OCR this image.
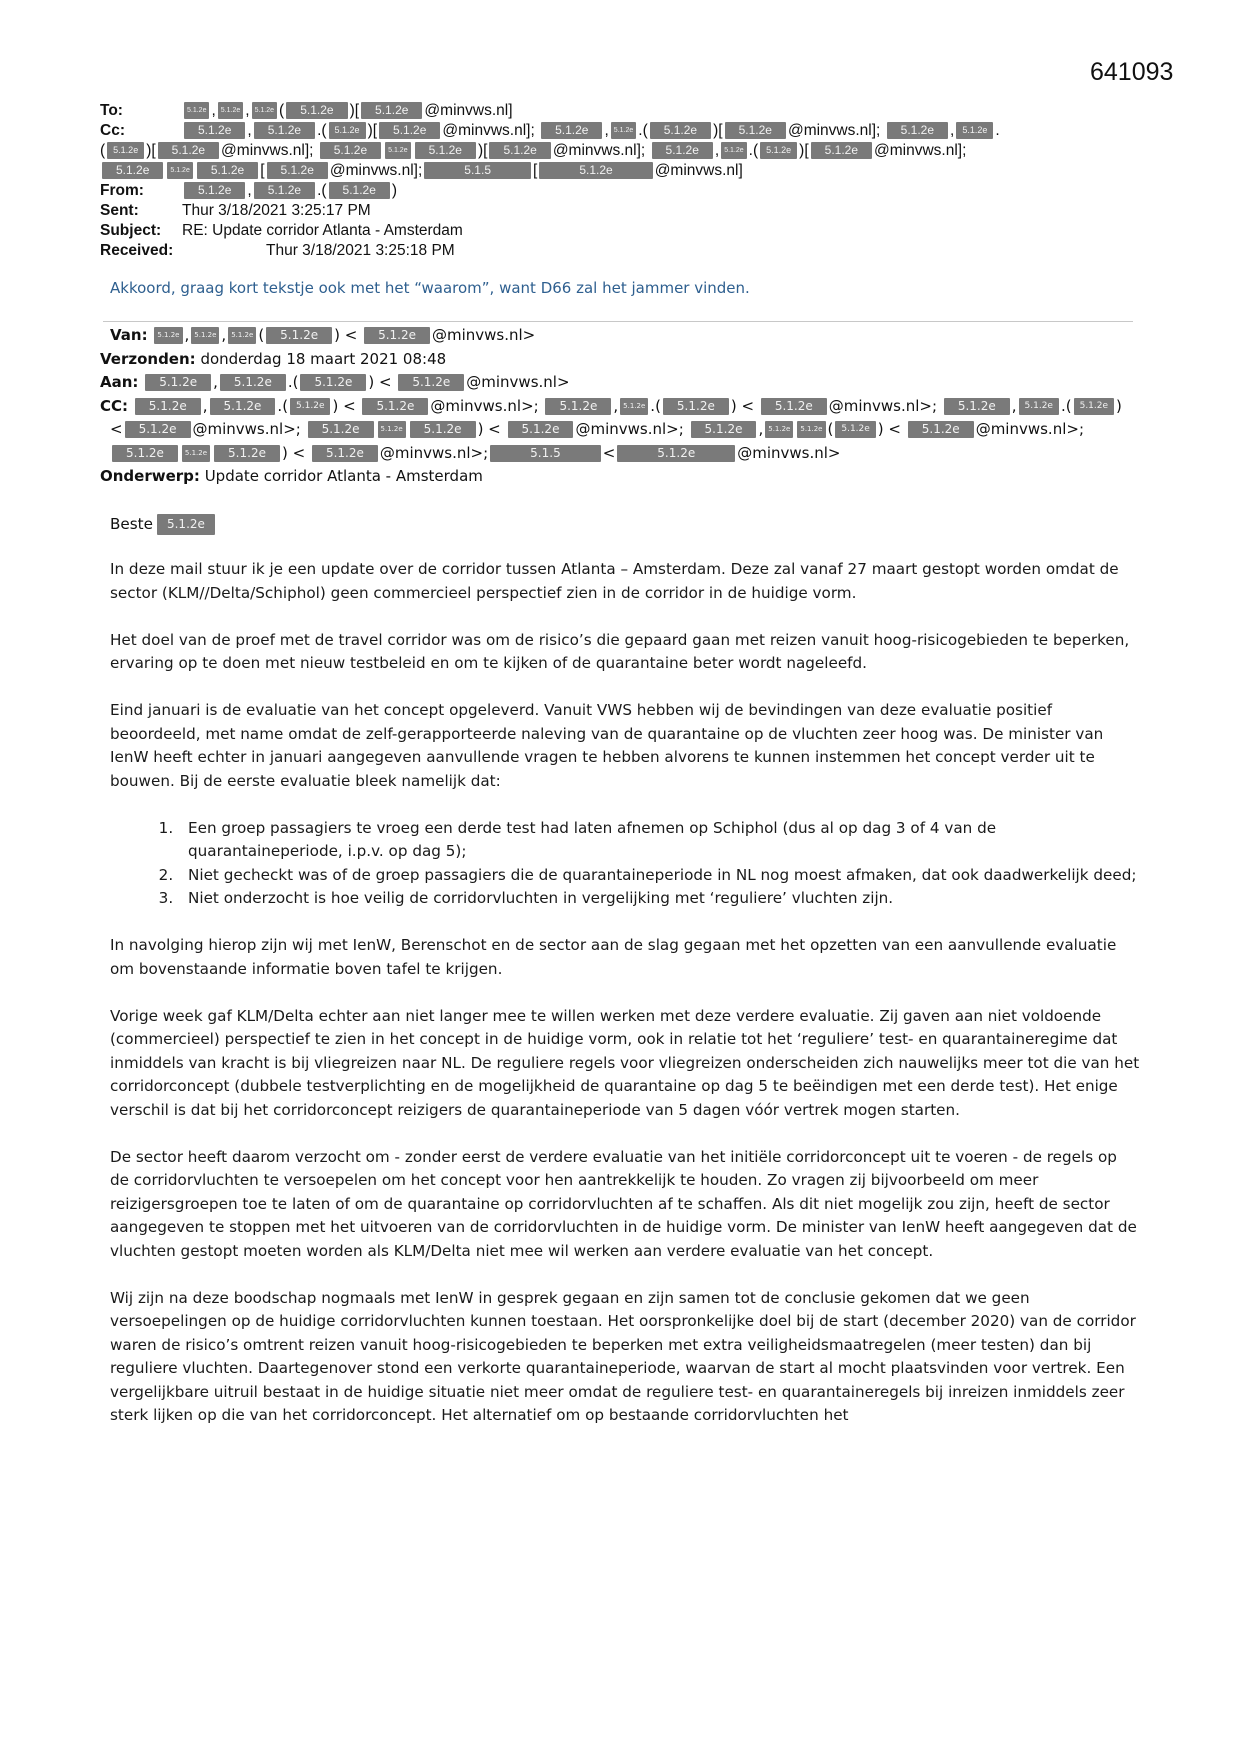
641093
To:	5.1.2e , 5.1.2e , 5.1.2e ( 5.1.2e )[ 5.1.2e @minvws.nl]
Cc:	5.1.2e , 5.1.2e .( 5.1.2e )[ 5.1.2e @minvws.nl]; 5.1.2e , 5.1.2e .( 5.1.2e )[ 5.1.2e @minvws.nl]; 5.1.2e , 5.1.2e .
( 5.1.2e )[ 5.1.2e @minvws.nl]; 5.1.2e	5.1.2e 5.1.2e )[ 5.1.2e @minvws.nl]; 5.1.2e , 5.1.2e .( 5.1.2e )[ 5.1.2e @minvws.nl];
5.1.2e	5.1.2e 5.1.2e [ 5.1.2e @minvws.nl];	5.1.5	[	5.1.2e	@minvws.nl]
From:	5.1.2e , 5.1.2e .( 5.1.2e )
Sent:	Thur 3/18/2021 3:25:17 PM
Subject:	RE: Update corridor Atlanta - Amsterdam
Received:	Thur 3/18/2021 3:25:18 PM
Akkoord, graag kort tekstje ook met het “waarom”, want D66 zal het jammer vinden.
Van: 5.1.2e , 5.1.2e , 5.1.2e ( 5.1.2e ) < 5.1.2e @minvws.nl>
Verzonden: donderdag 18 maart 2021 08:48
Aan: 5.1.2e , 5.1.2e .( 5.1.2e ) < 5.1.2e @minvws.nl>
CC: 5.1.2e , 5.1.2e .( 5.1.2e ) < 5.1.2e @minvws.nl>; 5.1.2e , 5.1.2e .( 5.1.2e ) < 5.1.2e @minvws.nl>; 5.1.2e , 5.1.2e .( 5.1.2e )
< 5.1.2e @minvws.nl>; 5.1.2e	5.1.2e 5.1.2e ) < 5.1.2e @minvws.nl>; 5.1.2e , 5.1.2e 5.1.2e ( 5.1.2e ) < 5.1.2e @minvws.nl>;
5.1.2e	5.1.2e 5.1.2e ) < 5.1.2e @minvws.nl>;	5.1.5	<	5.1.2e	@minvws.nl>
Onderwerp: Update corridor Atlanta - Amsterdam
Beste 5.1.2e

In deze mail stuur ik je een update over de corridor tussen Atlanta – Amsterdam. Deze zal vanaf 27 maart gestopt worden omdat de sector (KLM//Delta/Schiphol) geen commercieel perspectief zien in de corridor in de huidige vorm.

Het doel van de proef met de travel corridor was om de risico’s die gepaard gaan met reizen vanuit hoog-risicogebieden te beperken, ervaring op te doen met nieuw testbeleid en om te kijken of de quarantaine beter wordt nageleefd.

Eind januari is de evaluatie van het concept opgeleverd. Vanuit VWS hebben wij de bevindingen van deze evaluatie positief beoordeeld, met name omdat de zelf-gerapporteerde naleving van de quarantaine op de vluchten zeer hoog was. De minister van IenW heeft echter in januari aangegeven aanvullende vragen te hebben alvorens te kunnen instemmen het concept verder uit te bouwen. Bij de eerste evaluatie bleek namelijk dat:

1. Een groep passagiers te vroeg een derde test had laten afnemen op Schiphol (dus al op dag 3 of 4 van de quarantaineperiode, i.p.v. op dag 5);
2. Niet gecheckt was of de groep passagiers die de quarantaineperiode in NL nog moest afmaken, dat ook daadwerkelijk deed;
3. Niet onderzocht is hoe veilig de corridorvluchten in vergelijking met ‘reguliere’ vluchten zijn.

In navolging hierop zijn wij met IenW, Berenschot en de sector aan de slag gegaan met het opzetten van een aanvullende evaluatie om bovenstaande informatie boven tafel te krijgen.

Vorige week gaf KLM/Delta echter aan niet langer mee te willen werken met deze verdere evaluatie. Zij gaven aan niet voldoende (commercieel) perspectief te zien in het concept in de huidige vorm, ook in relatie tot het ‘reguliere’ test- en quarantaineregime dat inmiddels van kracht is bij vliegreizen naar NL. De reguliere regels voor vliegreizen onderscheiden zich nauwelijks meer tot die van het corridorconcept (dubbele testverplichting en de mogelijkheid de quarantaine op dag 5 te beëindigen met een derde test). Het enige verschil is dat bij het corridorconcept reizigers de quarantaineperiode van 5 dagen vóór vertrek mogen starten.

De sector heeft daarom verzocht om - zonder eerst de verdere evaluatie van het initiële corridorconcept uit te voeren - de regels op de corridorvluchten te versoepelen om het concept voor hen aantrekkelijk te houden. Zo vragen zij bijvoorbeeld om meer reizigersgroepen toe te laten of om de quarantaine op corridorvluchten af te schaffen. Als dit niet mogelijk zou zijn, heeft de sector aangegeven te stoppen met het uitvoeren van de corridorvluchten in de huidige vorm. De minister van IenW heeft aangegeven dat de vluchten gestopt moeten worden als KLM/Delta niet mee wil werken aan verdere evaluatie van het concept.

Wij zijn na deze boodschap nogmaals met IenW in gesprek gegaan en zijn samen tot de conclusie gekomen dat we geen versoepelingen op de huidige corridorvluchten kunnen toestaan. Het oorspronkelijke doel bij de start (december 2020) van de corridor waren de risico’s omtrent reizen vanuit hoog-risicogebieden te beperken met extra veiligheidsmaatregelen (meer testen) dan bij reguliere vluchten. Daartegenover stond een verkorte quarantaineperiode, waarvan de start al mocht plaatsvinden voor vertrek. Een vergelijkbare uitruil bestaat in de huidige situatie niet meer omdat de reguliere test- en quarantaineregels bij inreizen inmiddels zeer sterk lijken op die van het corridorconcept. Het alternatief om op bestaande corridorvluchten het
